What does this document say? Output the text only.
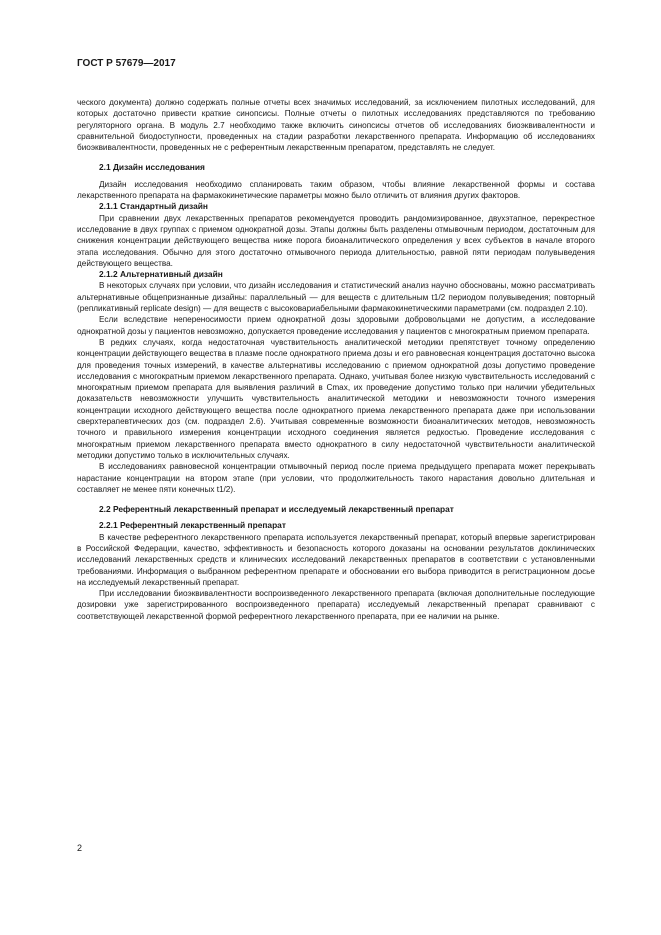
ГОСТ Р 57679—2017

ческого документа) должно содержать полные отчеты всех значимых исследований, за исключением пилотных исследований, для которых достаточно привести краткие синопсисы. Полные отчеты о пилотных исследованиях представляются по требованию регуляторного органа. В модуль 2.7 необходимо также включить синопсисы отчетов об исследованиях биоэквивалентности и сравнительной биодоступности, проведенных на стадии разработки лекарственного препарата. Информацию об исследованиях биоэквивалентности, проведенных не с референтным лекарственным препаратом, представлять не следует.

2.1 Дизайн исследования

Дизайн исследования необходимо спланировать таким образом, чтобы влияние лекарственной формы и состава лекарственного препарата на фармакокинетические параметры можно было отличить от влияния других факторов.

2.1.1 Стандартный дизайн

При сравнении двух лекарственных препаратов рекомендуется проводить рандомизированное, двухэтапное, перекрестное исследование в двух группах с приемом однократной дозы. Этапы должны быть разделены отмывочным периодом, достаточным для снижения концентрации действующего вещества ниже порога биоаналитического определения у всех субъектов в начале второго этапа исследования. Обычно для этого достаточно отмывочного периода длительностью, равной пяти периодам полувыведения действующего вещества.

2.1.2 Альтернативный дизайн

В некоторых случаях при условии, что дизайн исследования и статистический анализ научно обоснованы, можно рассматривать альтернативные общепризнанные дизайны: параллельный — для веществ с длительным t1/2 периодом полувыведения; повторный (репликативный replicate design) — для веществ с высоковариабельными фармакокинетическими параметрами (см. подраздел 2.10).

Если вследствие непереносимости прием однократной дозы здоровыми добровольцами не допустим, а исследование однократной дозы у пациентов невозможно, допускается проведение исследования у пациентов с многократным приемом препарата.

В редких случаях, когда недостаточная чувствительность аналитической методики препятствует точному определению концентрации действующего вещества в плазме после однократного приема дозы и его равновесная концентрация достаточно высока для проведения точных измерений, в качестве альтернативы исследованию с приемом однократной дозы допустимо проведение исследования с многократным приемом лекарственного препарата. Однако, учитывая более низкую чувствительность исследований с многократным приемом препарата для выявления различий в Cmax, их проведение допустимо только при наличии убедительных доказательств невозможности улучшить чувствительность аналитической методики и невозможности точного измерения концентрации исходного действующего вещества после однократного приема лекарственного препарата даже при использовании сверхтерапевтических доз (см. подраздел 2.6). Учитывая современные возможности биоаналитических методов, невозможность точного и правильного измерения концентрации исходного соединения является редкостью. Проведение исследования с многократным приемом лекарственного препарата вместо однократного в силу недостаточной чувствительности аналитической методики допустимо только в исключительных случаях.

В исследованиях равновесной концентрации отмывочный период после приема предыдущего препарата может перекрывать нарастание концентрации на втором этапе (при условии, что продолжительность такого нарастания довольно длительная и составляет не менее пяти конечных t1/2).

2.2 Референтный лекарственный препарат и исследуемый лекарственный препарат
2.2.1 Референтный лекарственный препарат

В качестве референтного лекарственного препарата используется лекарственный препарат, который впервые зарегистрирован в Российской Федерации, качество, эффективность и безопасность которого доказаны на основании результатов доклинических исследований лекарственных средств и клинических исследований лекарственных препаратов в соответствии с установленными требованиями. Информация о выбранном референтном препарате и обосновании его выбора приводится в регистрационном досье на исследуемый лекарственный препарат.

При исследовании биоэквивалентности воспроизведенного лекарственного препарата (включая дополнительные последующие дозировки уже зарегистрированного воспроизведенного препарата) исследуемый лекарственный препарат сравнивают с соответствующей лекарственной формой референтного лекарственного препарата, при ее наличии на рынке.

2
